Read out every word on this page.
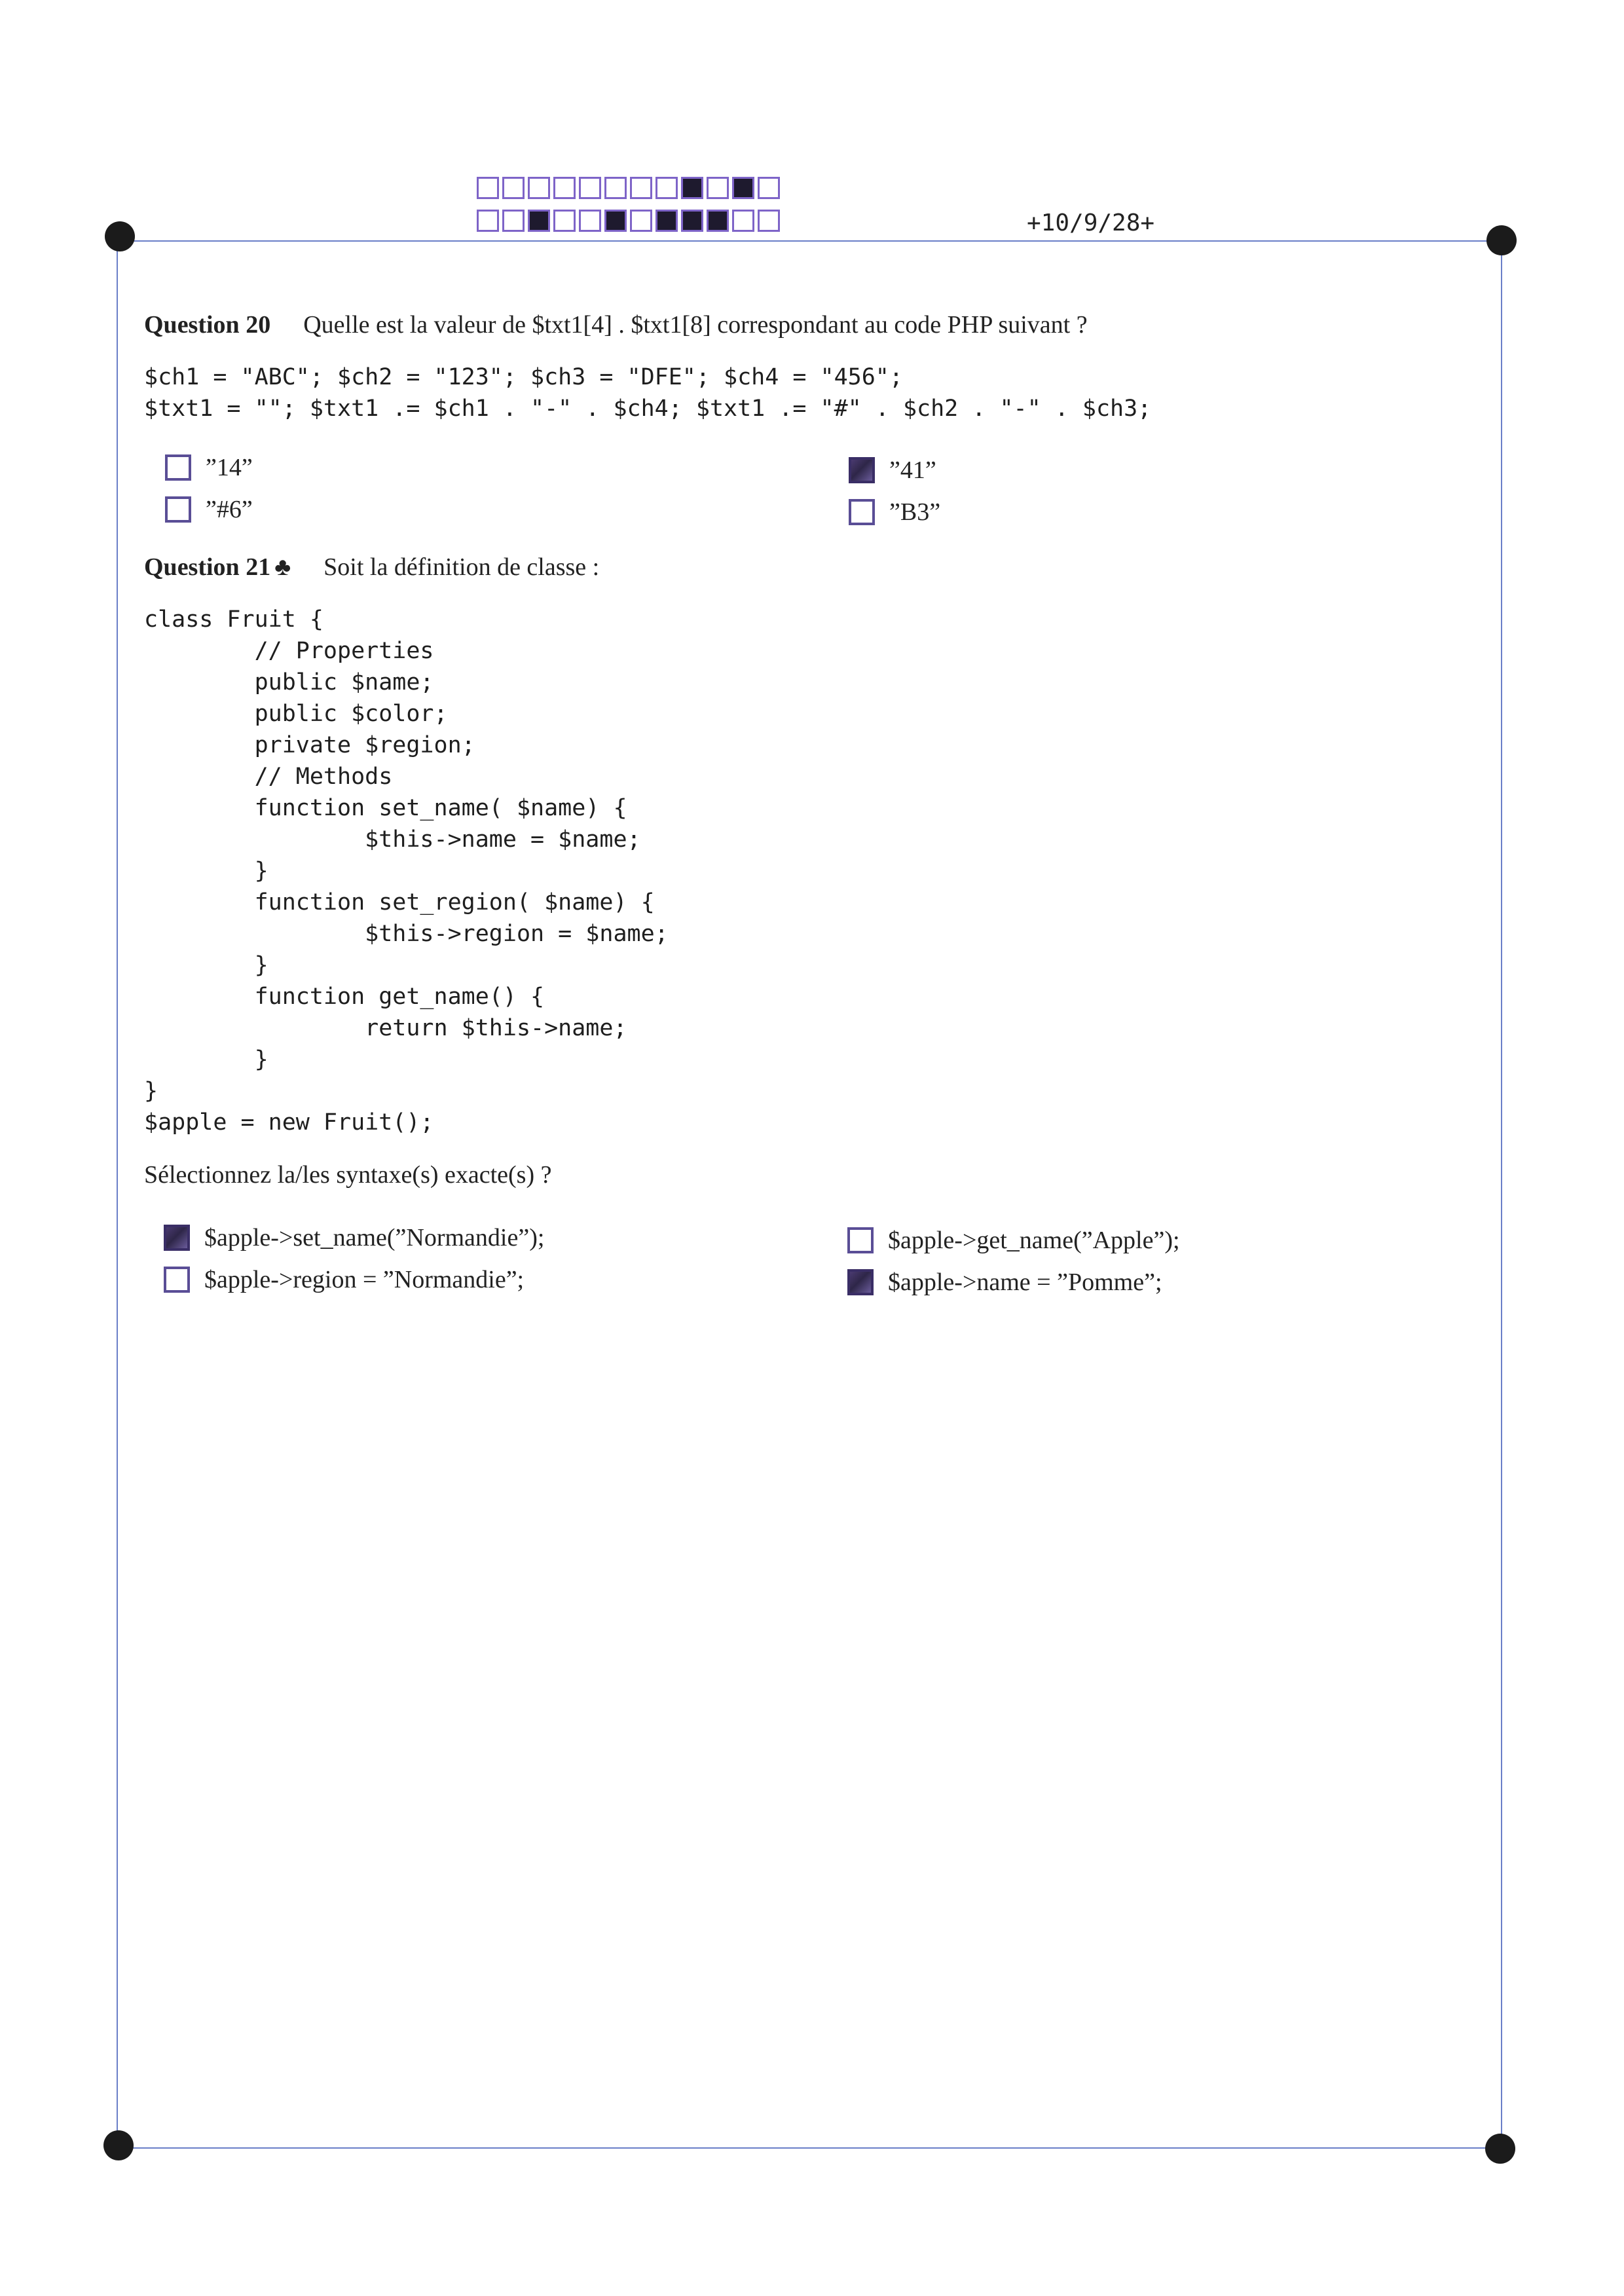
+10/9/28+
Question 20 Quelle est la valeur de $txt1[4] . $txt1[8] correspondant au code PHP suivant ?
$ch1 = "ABC"; $ch2 = "123"; $ch3 = "DFE"; $ch4 = "456";
$txt1 = ""; $txt1 .= $ch1 . "-" . $ch4; $txt1 .= "#" . $ch2 . "-" . $ch3;
”14”
”#6”
”41”
”B3”
Question 21 ♣ Soit la définition de classe :
class Fruit {
// Properties
public $name;
public $color;
private $region;
// Methods
function set_name( $name) {
$this->name = $name;
}
function set_region( $name) {
$this->region = $name;
}
function get_name() {
return $this->name;
}
}
$apple = new Fruit();
Sélectionnez la/les syntaxe(s) exacte(s) ?
$apple->set_name(”Normandie”);
$apple->region = ”Normandie”;
$apple->get_name(”Apple”);
$apple->name = ”Pomme”;
